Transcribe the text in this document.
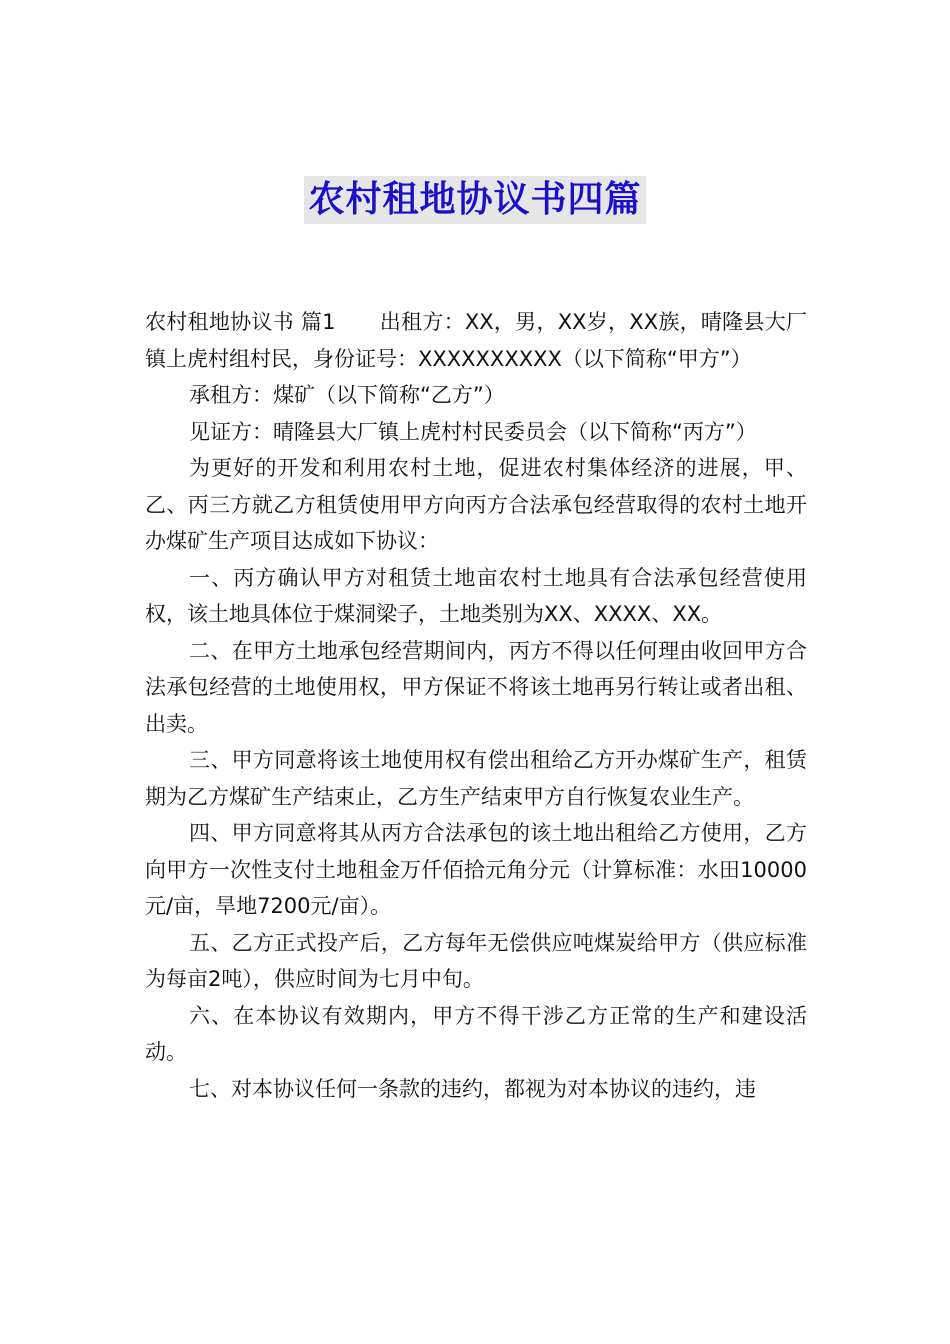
农村租地协议书四篇

农村租地协议书 篇1 出租方：XX，男，XX岁，XX族，晴隆县大厂镇上虎村组村民，身份证号：XXXXXXXXXX（以下简称“甲方”）

承租方：煤矿（以下简称“乙方”）

见证方：晴隆县大厂镇上虎村村民委员会（以下简称“丙方”）

为更好的开发和利用农村土地，促进农村集体经济的进展，甲、乙、丙三方就乙方租赁使用甲方向丙方合法承包经营取得的农村土地开办煤矿生产项目达成如下协议：

一、丙方确认甲方对租赁土地亩农村土地具有合法承包经营使用权，该土地具体位于煤洞梁子，土地类别为XX、XXXX、XX。

二、在甲方土地承包经营期间内，丙方不得以任何理由收回甲方合法承包经营的土地使用权，甲方保证不将该土地再另行转让或者出租、出卖。

三、甲方同意将该土地使用权有偿出租给乙方开办煤矿生产，租赁期为乙方煤矿生产结束止，乙方生产结束甲方自行恢复农业生产。

四、甲方同意将其从丙方合法承包的该土地出租给乙方使用，乙方向甲方一次性支付土地租金万仟佰拾元角分元（计算标准：水田10000元/亩，旱地7200元/亩）。

五、乙方正式投产后，乙方每年无偿供应吨煤炭给甲方（供应标准为每亩2吨），供应时间为七月中旬。

六、在本协议有效期内，甲方不得干涉乙方正常的生产和建设活动。

七、对本协议任何一条款的违约，都视为对本协议的违约，违
